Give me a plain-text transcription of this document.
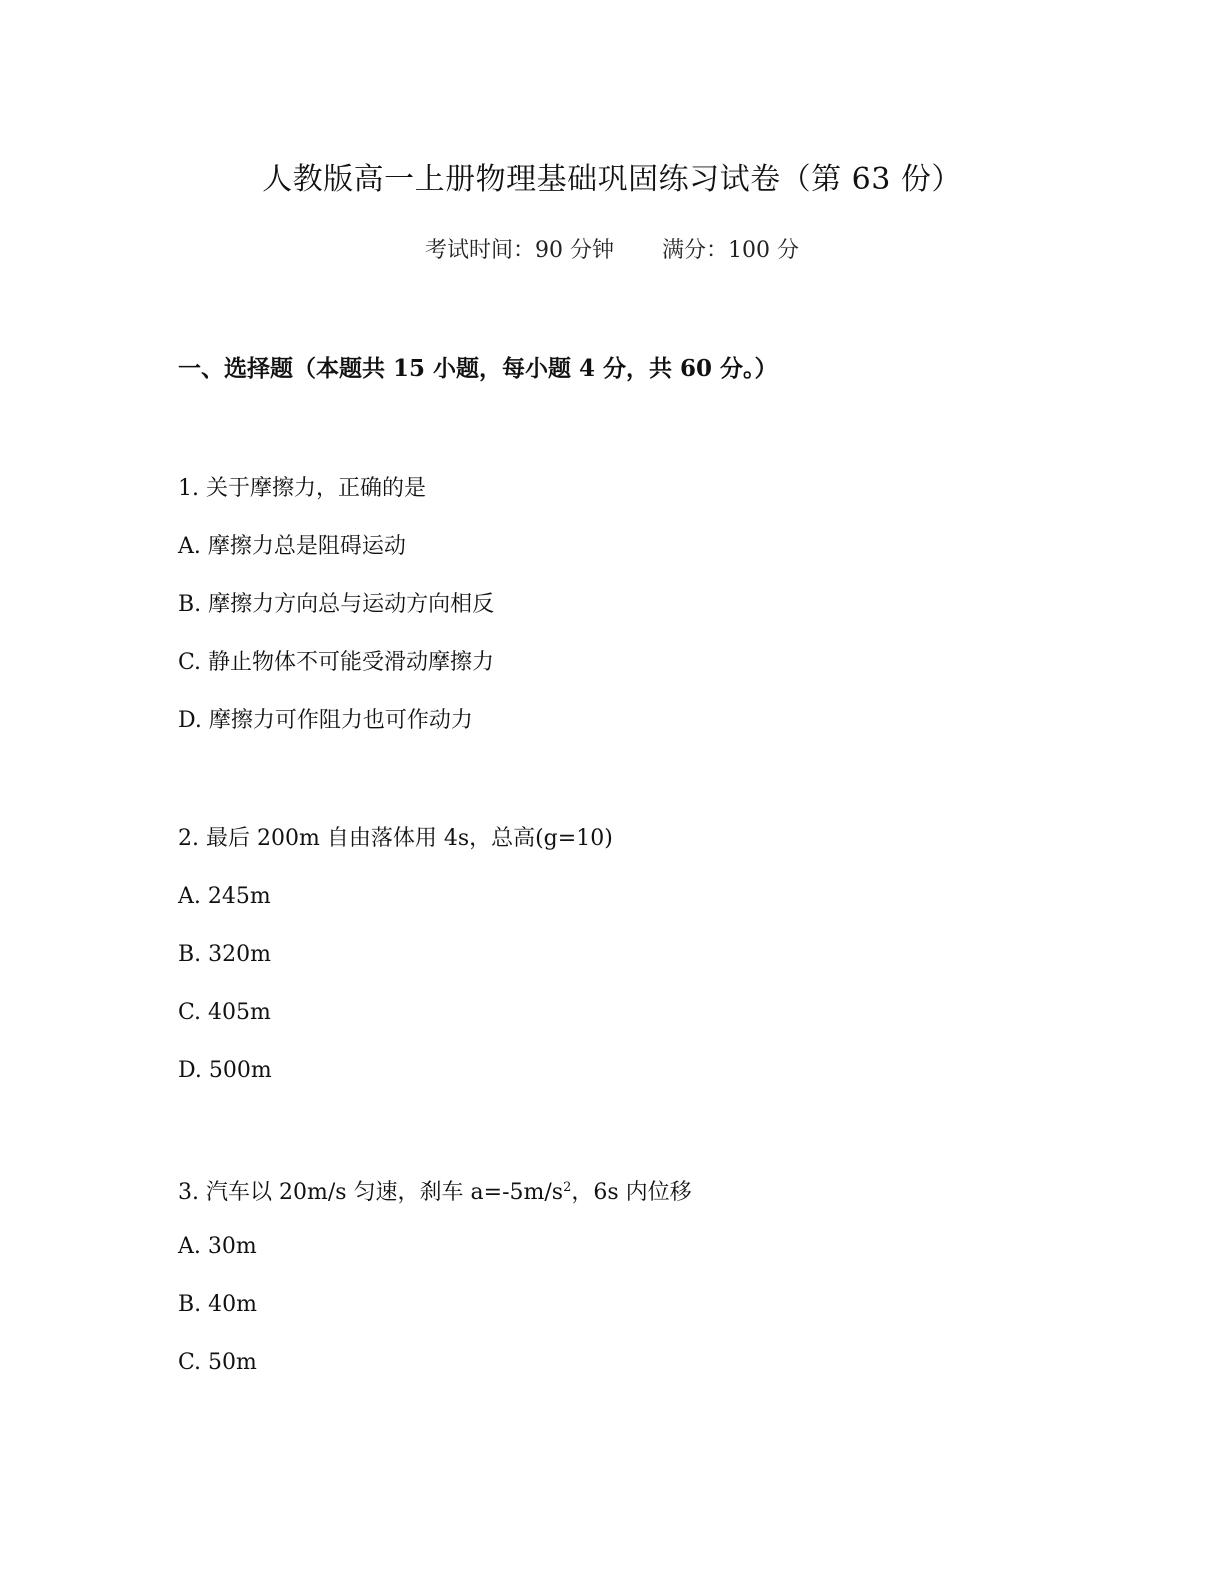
人教版高一上册物理基础巩固练习试卷（第 63 份）
考试时间：90 分钟 满分：100 分
一、选择题（本题共 15 小题，每小题 4 分，共 60 分。）
1. 关于摩擦力，正确的是
A. 摩擦力总是阻碍运动
B. 摩擦力方向总与运动方向相反
C. 静止物体不可能受滑动摩擦力
D. 摩擦力可作阻力也可作动力
2. 最后 200m 自由落体用 4s，总高(g=10)
A. 245m
B. 320m
C. 405m
D. 500m
3. 汽车以 20m/s 匀速，刹车 $a=-5m/s^2$，6s 内位移
A. 30m
B. 40m
C. 50m
